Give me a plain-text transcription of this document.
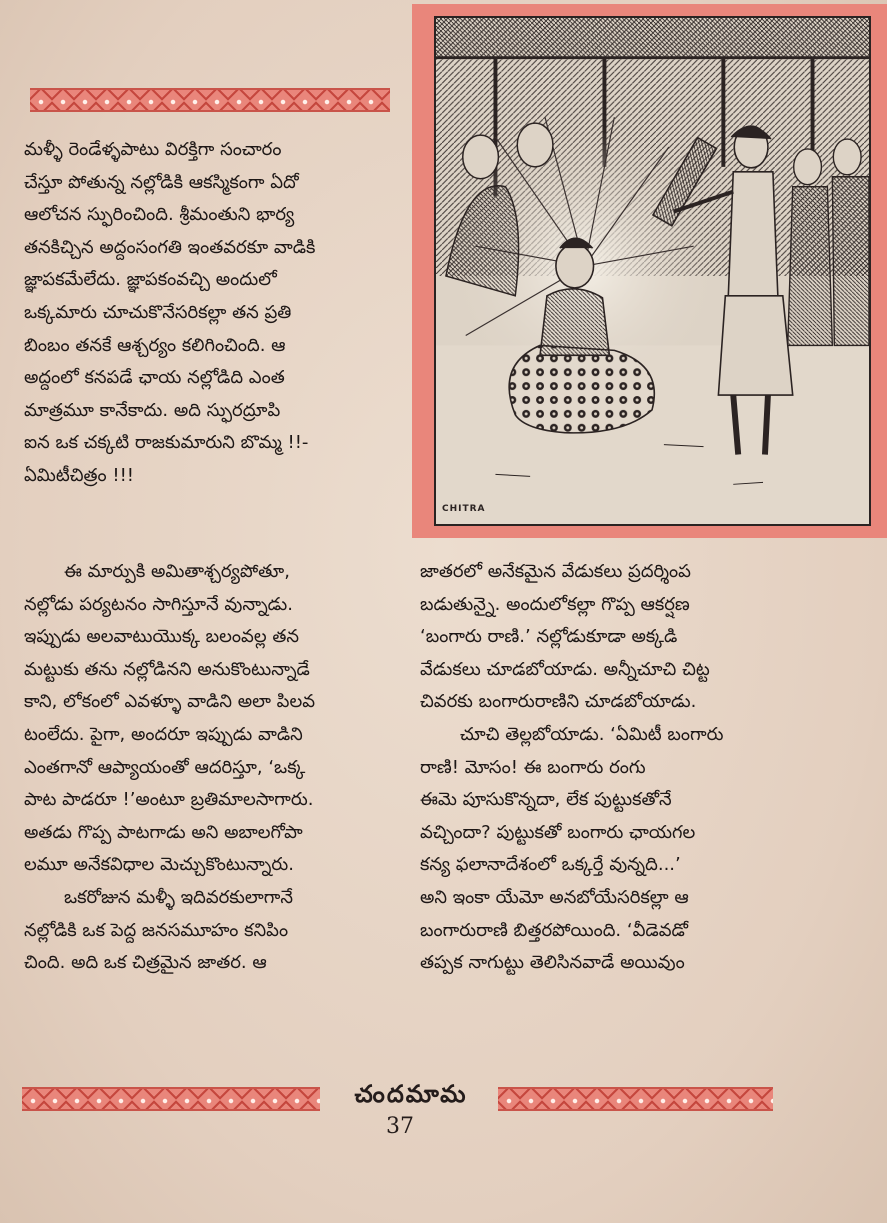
CHITRA
మళ్ళీ రెండేళ్ళపాటు విరక్తిగా సంచారం
చేస్తూ పోతున్న నల్లోడికి ఆకస్మికంగా ఏదో
ఆలోచన స్ఫురించింది. శ్రీమంతుని భార్య
తనకిచ్చిన అద్దంసంగతి ఇంతవరకూ వాడికి
జ్ఞాపకమేలేదు. జ్ఞాపకంవచ్చి అందులో
ఒక్కమారు చూచుకొనేసరికల్లా తన ప్రతి
బింబం తనకే ఆశ్చర్యం కలిగించింది. ఆ
అద్దంలో కనపడే ఛాయ నల్లోడిది ఎంత
మాత్రమూ కానేకాదు. అది స్ఫురద్రూపి
ఐన ఒక చక్కటి రాజకుమారుని బొమ్మ !!-
ఏమిటీచిత్రం !!!
ఈ మార్పుకి అమితాశ్చర్యపోతూ,
నల్లోడు పర్యటనం సాగిస్తూనే వున్నాడు.
ఇప్పుడు అలవాటుయొక్క బలంవల్ల తన
మట్టుకు తను నల్లోడినని అనుకొంటున్నాడే
కాని, లోకంలో ఎవళ్ళూ వాడిని అలా పిలవ
టంలేదు. పైగా, అందరూ ఇప్పుడు వాడిని
ఎంతగానో ఆప్యాయంతో ఆదరిస్తూ, ‘ఒక్క
పాట పాడరూ !’అంటూ బ్రతిమాలసాగారు.
అతడు గొప్ప పాటగాడు అని అబాలగోపా
లమూ అనేకవిధాల మెచ్చుకొంటున్నారు.
ఒకరోజున మళ్ళీ ఇదివరకులాగానే
నల్లోడికి ఒక పెద్ద జనసమూహం కనిపిం
చింది. అది ఒక చిత్రమైన జాతర. ఆ
జాతరలో అనేకమైన వేడుకలు ప్రదర్శింప
బడుతున్నై. అందులోకల్లా గొప్ప ఆకర్షణ
‘బంగారు రాణి.’ నల్లోడుకూడా అక్కడి
వేడుకలు చూడబోయాడు. అన్నీచూచి చిట్ట
చివరకు బంగారురాణిని చూడబోయాడు.
చూచి తెల్లబోయాడు. ‘ఏమిటీ బంగారు
రాణి! మోసం! ఈ బంగారు రంగు
ఈమె పూసుకొన్నదా, లేక పుట్టుకతోనే
వచ్చిందా? పుట్టుకతో బంగారు ఛాయగల
కన్య ఫలానాదేశంలో ఒక్కర్తే వున్నది...’
అని ఇంకా యేమో అనబోయేసరికల్లా ఆ
బంగారురాణి బిత్తరపోయింది. ‘వీడెవడో
తప్పక నాగుట్టు తెలిసినవాడే అయివుం
చందమామ
37
